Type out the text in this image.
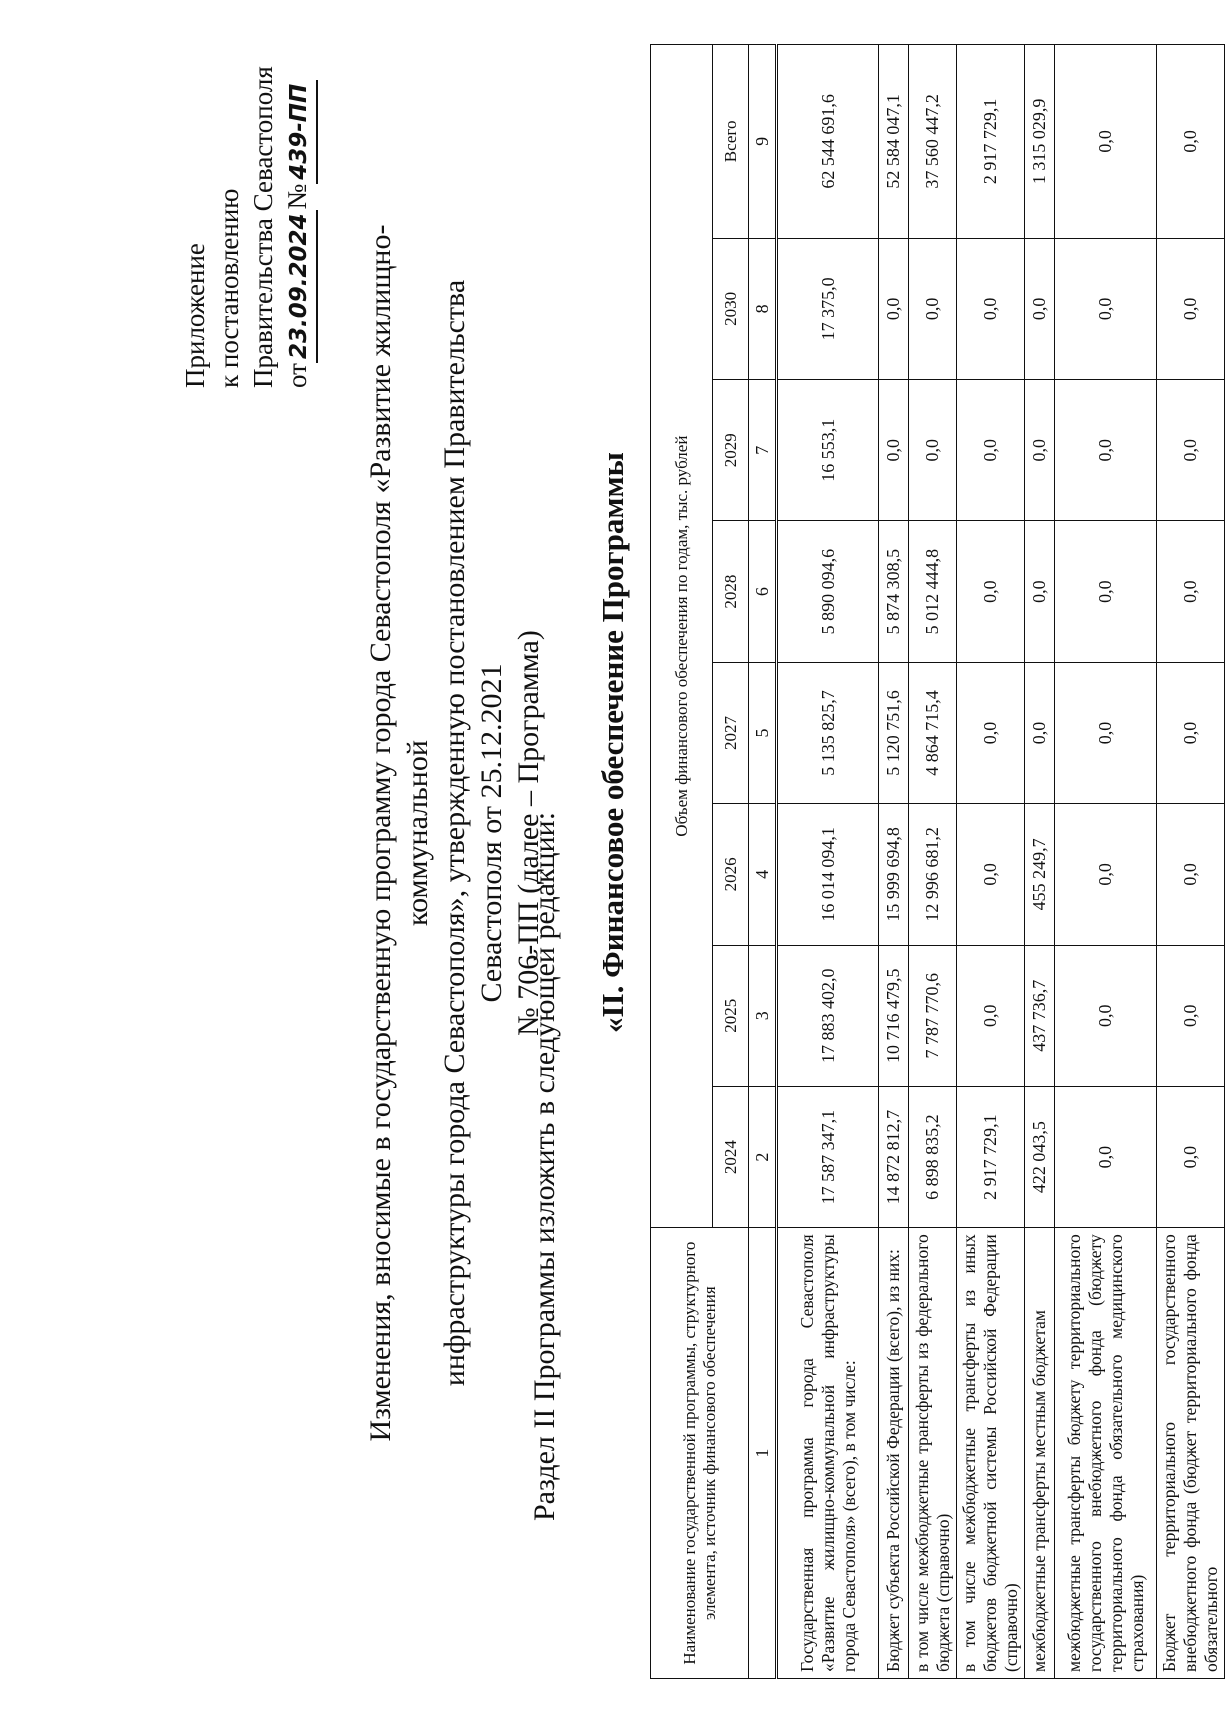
Приложение к постановлению Правительства Севастополя от23.09.2024№439-ПП
Изменения, вносимые в государственную программу города Севастополя «Развитие жилищно-коммунальной инфраструктуры города Севастополя», утвержденную постановлением Правительства Севастополя от 25.12.2021 № 706-ПП (далее – Программа)
Раздел II Программы изложить в следующей редакции:
«II. Финансовое обеспечение Программы
Наименование государственной программы, структурного элемента, источник финансового обеспечения	Объем финансового обеспечения по годам, тыс. рублей							
	2024	2025	2026	2027	2028	2029	2030	Всего
1	2	3	4	5	6	7	8	9
Государственная программа города Севастополя «Развитие жилищно-коммунальной инфраструктуры города Севастополя» (всего), в том числе:	17 587 347,1	17 883 402,0	16 014 094,1	5 135 825,7	5 890 094,6	16 553,1	17 375,0	62 544 691,6
Бюджет субъекта Российской Федерации (всего), из них:	14 872 812,7	10 716 479,5	15 999 694,8	5 120 751,6	5 874 308,5	0,0	0,0	52 584 047,1
в том числе межбюджетные трансферты из федерального бюджета (справочно)	6 898 835,2	7 787 770,6	12 996 681,2	4 864 715,4	5 012 444,8	0,0	0,0	37 560 447,2
в том числе межбюджетные трансферты из иных бюджетов бюджетной системы Российской Федерации (справочно)	2 917 729,1	0,0	0,0	0,0	0,0	0,0	0,0	2 917 729,1
межбюджетные трансферты местным бюджетам	422 043,5	437 736,7	455 249,7	0,0	0,0	0,0	0,0	1 315 029,9
межбюджетные трансферты бюджету территориального государственного внебюджетного фонда (бюджету территориального фонда обязательного медицинского страхования)	0,0	0,0	0,0	0,0	0,0	0,0	0,0	0,0
Бюджет территориального государственного внебюджетного фонда (бюджет территориального фонда обязательного	0,0	0,0	0,0	0,0	0,0	0,0	0,0	0,0
